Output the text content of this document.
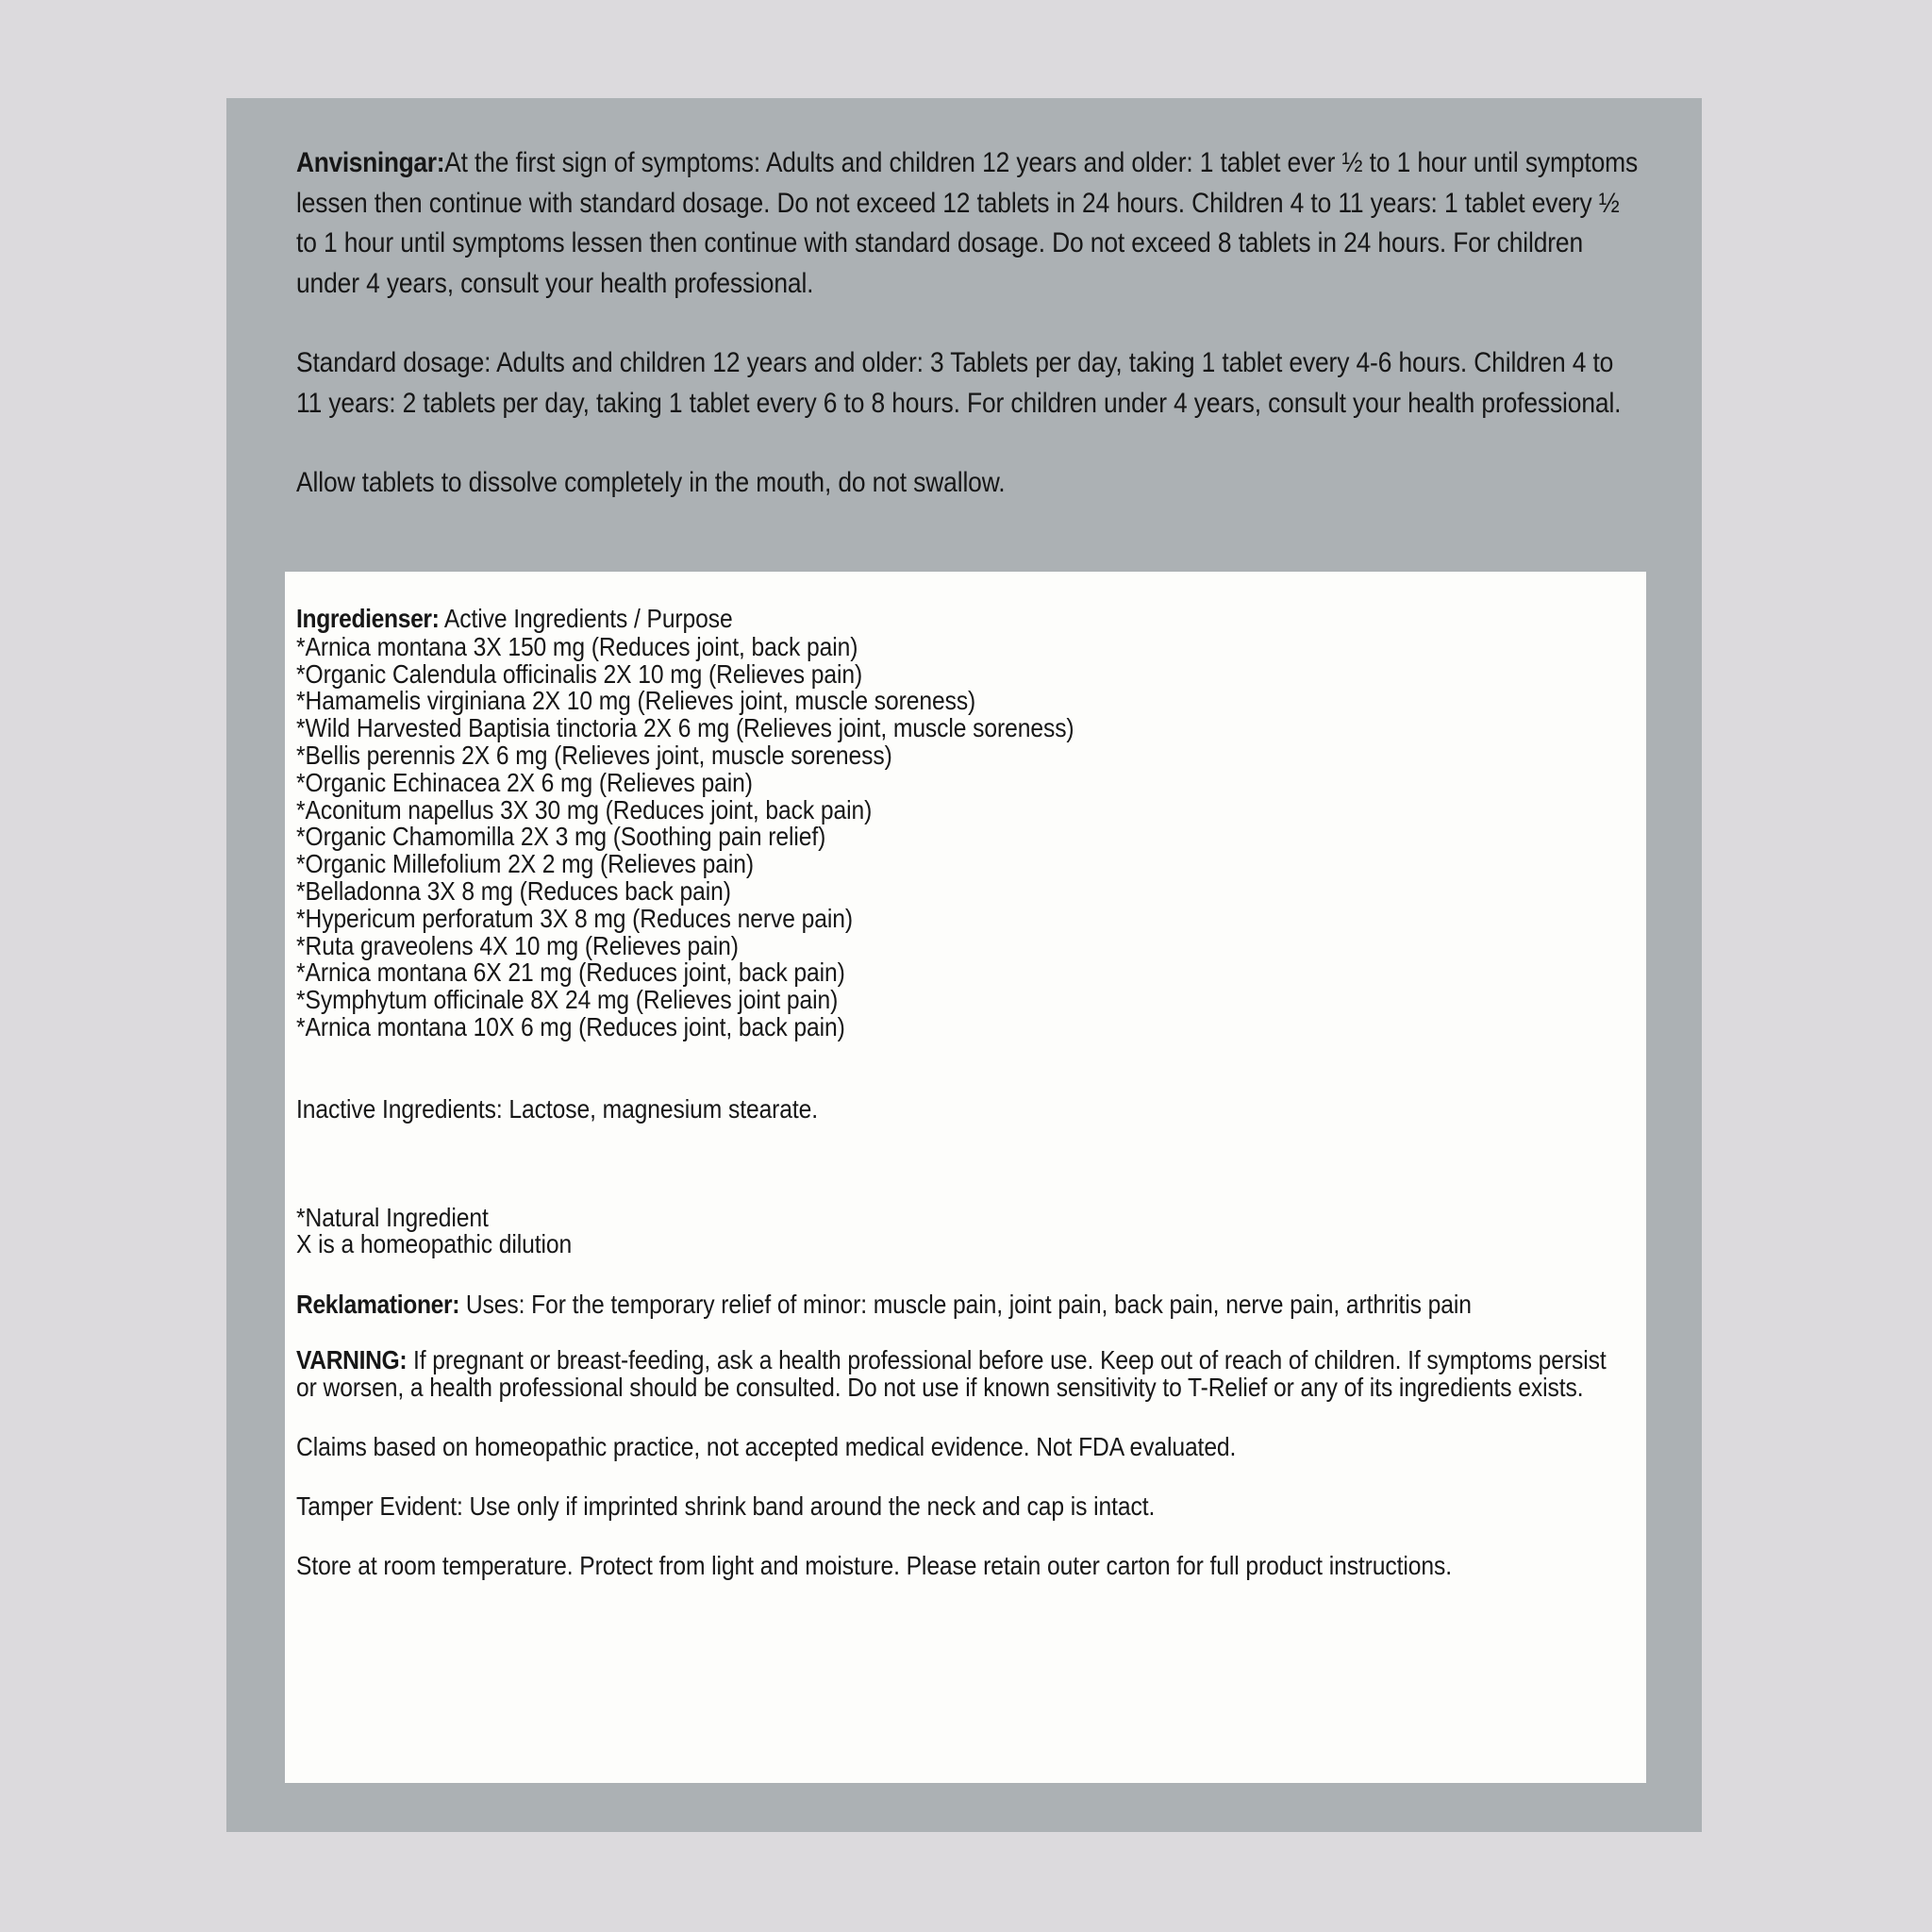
Anvisningar:At the first sign of symptoms: Adults and children 12 years and older: 1 tablet ever ½ to 1 hour until symptoms lessen then continue with standard dosage. Do not exceed 12 tablets in 24 hours. Children 4 to 11 years: 1 tablet every ½ to 1 hour until symptoms lessen then continue with standard dosage. Do not exceed 8 tablets in 24 hours. For children under 4 years, consult your health professional.

Standard dosage: Adults and children 12 years and older: 3 Tablets per day, taking 1 tablet every 4-6 hours. Children 4 to 11 years: 2 tablets per day, taking 1 tablet every 6 to 8 hours. For children under 4 years, consult your health professional.

Allow tablets to dissolve completely in the mouth, do not swallow.

Ingredienser: Active Ingredients / Purpose
*Arnica montana 3X 150 mg (Reduces joint, back pain)
*Organic Calendula officinalis 2X 10 mg (Relieves pain)
*Hamamelis virginiana 2X 10 mg (Relieves joint, muscle soreness)
*Wild Harvested Baptisia tinctoria 2X 6 mg (Relieves joint, muscle soreness)
*Bellis perennis 2X 6 mg (Relieves joint, muscle soreness)
*Organic Echinacea 2X 6 mg (Relieves pain)
*Aconitum napellus 3X 30 mg (Reduces joint, back pain)
*Organic Chamomilla 2X 3 mg (Soothing pain relief)
*Organic Millefolium 2X 2 mg (Relieves pain)
*Belladonna 3X 8 mg (Reduces back pain)
*Hypericum perforatum 3X 8 mg (Reduces nerve pain)
*Ruta graveolens 4X 10 mg (Relieves pain)
*Arnica montana 6X 21 mg (Reduces joint, back pain)
*Symphytum officinale 8X 24 mg (Relieves joint pain)
*Arnica montana 10X 6 mg (Reduces joint, back pain)
Inactive Ingredients: Lactose, magnesium stearate.
*Natural Ingredient
X is a homeopathic dilution
Reklamationer: Uses: For the temporary relief of minor: muscle pain, joint pain, back pain, nerve pain, arthritis pain
VARNING: If pregnant or breast-feeding, ask a health professional before use. Keep out of reach of children. If symptoms persist or worsen, a health professional should be consulted. Do not use if known sensitivity to T-Relief or any of its ingredients exists.
Claims based on homeopathic practice, not accepted medical evidence. Not FDA evaluated.
Tamper Evident: Use only if imprinted shrink band around the neck and cap is intact.
Store at room temperature. Protect from light and moisture. Please retain outer carton for full product instructions.
